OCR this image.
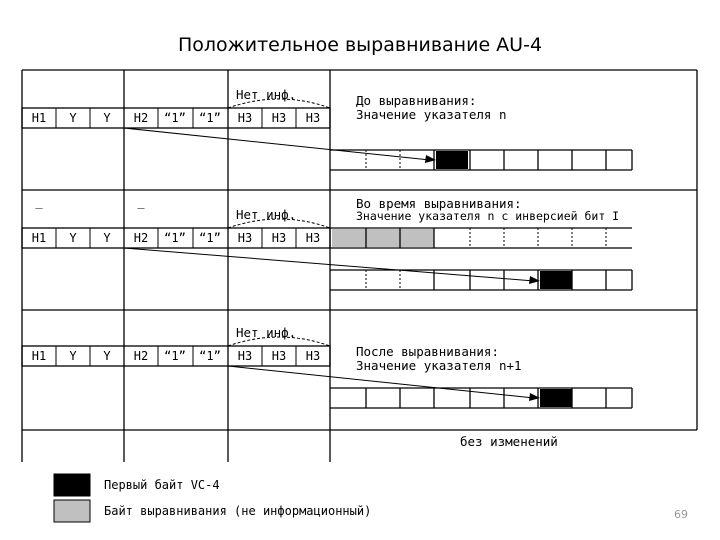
Положительное выравнивание AU-4
H1 Y Y H2 “1” “1” H3 H3 H3
H1 Y Y H2 “1” “1” H3 H3 H3
H1 Y Y H2 “1” “1” H3 H3 H3
‾	‾
Нет инф.
Нет инф.
Нет инф.
До выравнивания:
Значение указателя n
Во время выравнивания:
Значение указателя n с инверсией бит I
После выравнивания:
Значение указателя n+1
без изменений
Первый байт VC-4
Байт выравнивания (не информационный)	69
